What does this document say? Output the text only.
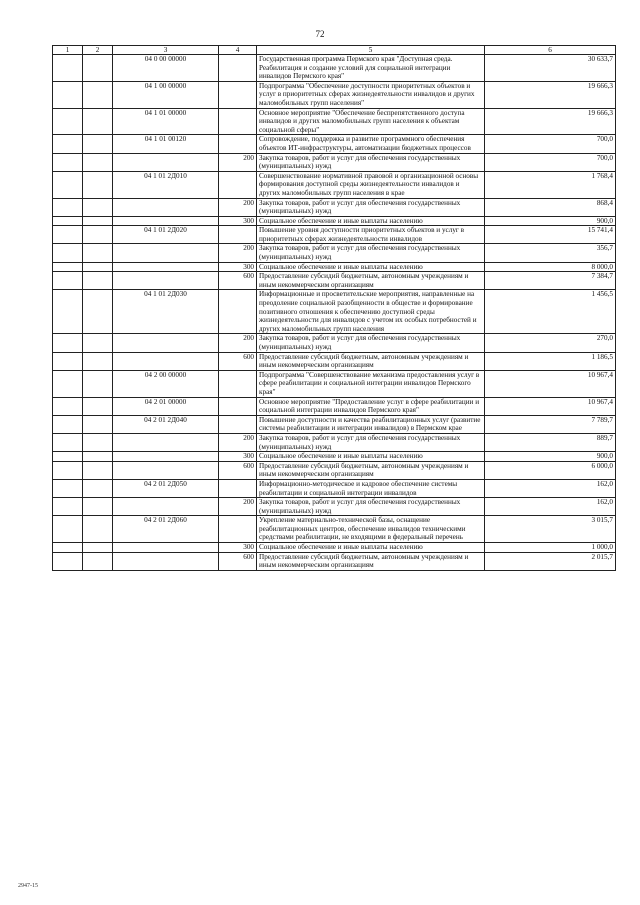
72
1	2	3	4	5	6
		04 0 00 00000		Государственная программа Пермского края "Доступная среда. Реабилитация и создание условий для социальной интеграции инвалидов Пермского края"	30 633,7
		04 1 00 00000		Подпрограмма "Обеспечение доступности приоритетных объектов и услуг в приоритетных сферах жизнедеятельности инвалидов и других маломобильных групп населения"	19 666,3
		04 1 01 00000		Основное мероприятие "Обеспечение беспрепятственного доступа инвалидов и других маломобильных групп населения к объектам социальной сферы"	19 666,3
		04 1 01 00120		Сопровождение, поддержка и развитие программного обеспечения объектов ИТ-инфраструктуры, автоматизации бюджетных процессов	700,0
			200	Закупка товаров, работ и услуг для обеспечения государственных (муниципальных) нужд	700,0
		04 1 01 2Д010		Совершенствование нормативной правовой и организационной основы формирования доступной среды жизнедеятельности инвалидов и других маломобильных групп населения в крае	1 768,4
			200	Закупка товаров, работ и услуг для обеспечения государственных (муниципальных) нужд	868,4
			300	Социальное обеспечение и иные выплаты населению	900,0
		04 1 01 2Д020		Повышение уровня доступности приоритетных объектов и услуг в приоритетных сферах жизнедеятельности инвалидов	15 741,4
			200	Закупка товаров, работ и услуг для обеспечения государственных (муниципальных) нужд	356,7
			300	Социальное обеспечение и иные выплаты населению	8 000,0
			600	Предоставление субсидий бюджетным, автономным учреждениям и иным некоммерческим организациям	7 384,7
		04 1 01 2Д030		Информационные и просветительские мероприятия, направленные на преодоление социальной разобщенности в обществе и формирование позитивного отношения к обеспечению доступной среды жизнедеятельности для инвалидов с учетом их особых потребностей и других маломобильных групп населения	1 456,5
			200	Закупка товаров, работ и услуг для обеспечения государственных (муниципальных) нужд	270,0
			600	Предоставление субсидий бюджетным, автономным учреждениям и иным некоммерческим организациям	1 186,5
		04 2 00 00000		Подпрограмма "Совершенствование механизма предоставления услуг в сфере реабилитации и социальной интеграции инвалидов Пермского края"	10 967,4
		04 2 01 00000		Основное мероприятие "Предоставление услуг в сфере реабилитации и социальной интеграции инвалидов Пермского края"	10 967,4
		04 2 01 2Д040		Повышение доступности и качества реабилитационных услуг (развитие системы реабилитации и интеграции инвалидов) в Пермском крае	7 789,7
			200	Закупка товаров, работ и услуг для обеспечения государственных (муниципальных) нужд	889,7
			300	Социальное обеспечение и иные выплаты населению	900,0
			600	Предоставление субсидий бюджетным, автономным учреждениям и иным некоммерческим организациям	6 000,0
		04 2 01 2Д050		Информационно-методическое и кадровое обеспечение системы реабилитации и социальной интеграции инвалидов	162,0
			200	Закупка товаров, работ и услуг для обеспечения государственных (муниципальных) нужд	162,0
		04 2 01 2Д060		Укрепление материально-технической базы, оснащение реабилитационных центров, обеспечение инвалидов техническими средствами реабилитации, не входящими в федеральный перечень	3 015,7
			300	Социальное обеспечение и иные выплаты населению	1 000,0
			600	Предоставление субсидий бюджетным, автономным учреждениям и иным некоммерческим организациям	2 015,7
2947-15
